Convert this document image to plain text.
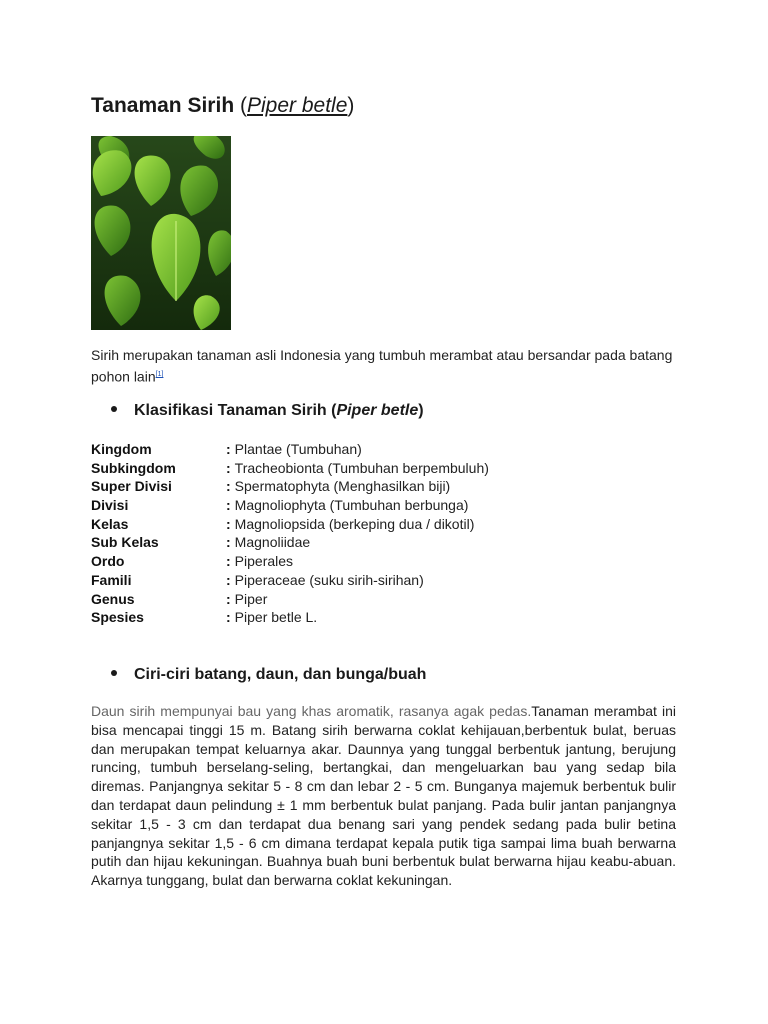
Tanaman Sirih (Piper betle)

Sirih merupakan tanaman asli Indonesia yang tumbuh merambat atau bersandar pada batang pohon lain[1]

Klasifikasi Tanaman Sirih (Piper betle)
Kingdom	: Plantae (Tumbuhan)
Subkingdom	: Tracheobionta (Tumbuhan berpembuluh)
Super Divisi	: Spermatophyta (Menghasilkan biji)
Divisi	: Magnoliophyta (Tumbuhan berbunga)
Kelas	: Magnoliopsida (berkeping dua / dikotil)
Sub Kelas	: Magnoliidae
Ordo	: Piperales
Famili	: Piperaceae (suku sirih-sirihan)
Genus	: Piper
Spesies	: Piper betle L.
Ciri-ciri batang, daun, dan bunga/buah

Daun sirih mempunyai bau yang khas aromatik, rasanya agak pedas.Tanaman merambat ini bisa mencapai tinggi 15 m. Batang sirih berwarna coklat kehijauan,berbentuk bulat, beruas dan merupakan tempat keluarnya akar. Daunnya yang tunggal berbentuk jantung, berujung runcing, tumbuh berselang-seling, bertangkai, dan mengeluarkan bau yang sedap bila diremas. Panjangnya sekitar 5 - 8 cm dan lebar 2 - 5 cm. Bunganya majemuk berbentuk bulir dan terdapat daun pelindung ± 1 mm berbentuk bulat panjang. Pada bulir jantan panjangnya sekitar 1,5 - 3 cm dan terdapat dua benang sari yang pendek sedang pada bulir betina panjangnya sekitar 1,5 - 6 cm dimana terdapat kepala putik tiga sampai lima buah berwarna putih dan hijau kekuningan. Buahnya buah buni berbentuk bulat berwarna hijau keabu-abuan. Akarnya tunggang, bulat dan berwarna coklat kekuningan.
